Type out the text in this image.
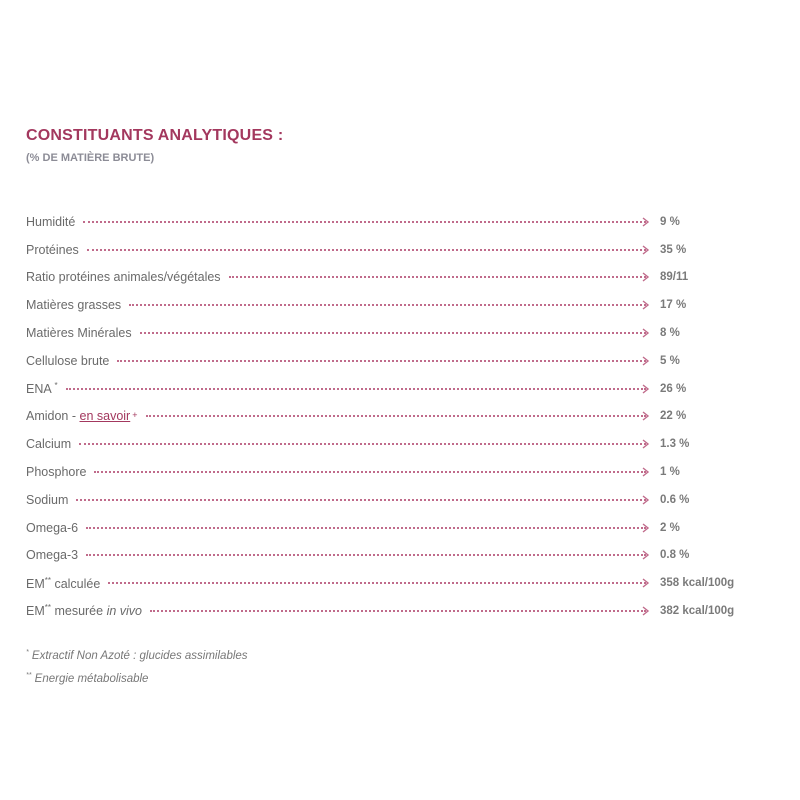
CONSTITUANTS ANALYTIQUES :
(% DE MATIÈRE BRUTE)
Humidité	9 %
Protéines	35 %
Ratio protéines animales/végétales	89/11
Matières grasses	17 %
Matières Minérales	8 %
Cellulose brute	5 %
ENA *	26 %
Amidon - en savoir +	22 %
Calcium	1.3 %
Phosphore	1 %
Sodium	0.6 %
Omega-6	2 %
Omega-3	0.8 %
EM** calculée	358 kcal/100g
EM** mesurée in vivo	382 kcal/100g
* Extractif Non Azoté : glucides assimilables
** Energie métabolisable
